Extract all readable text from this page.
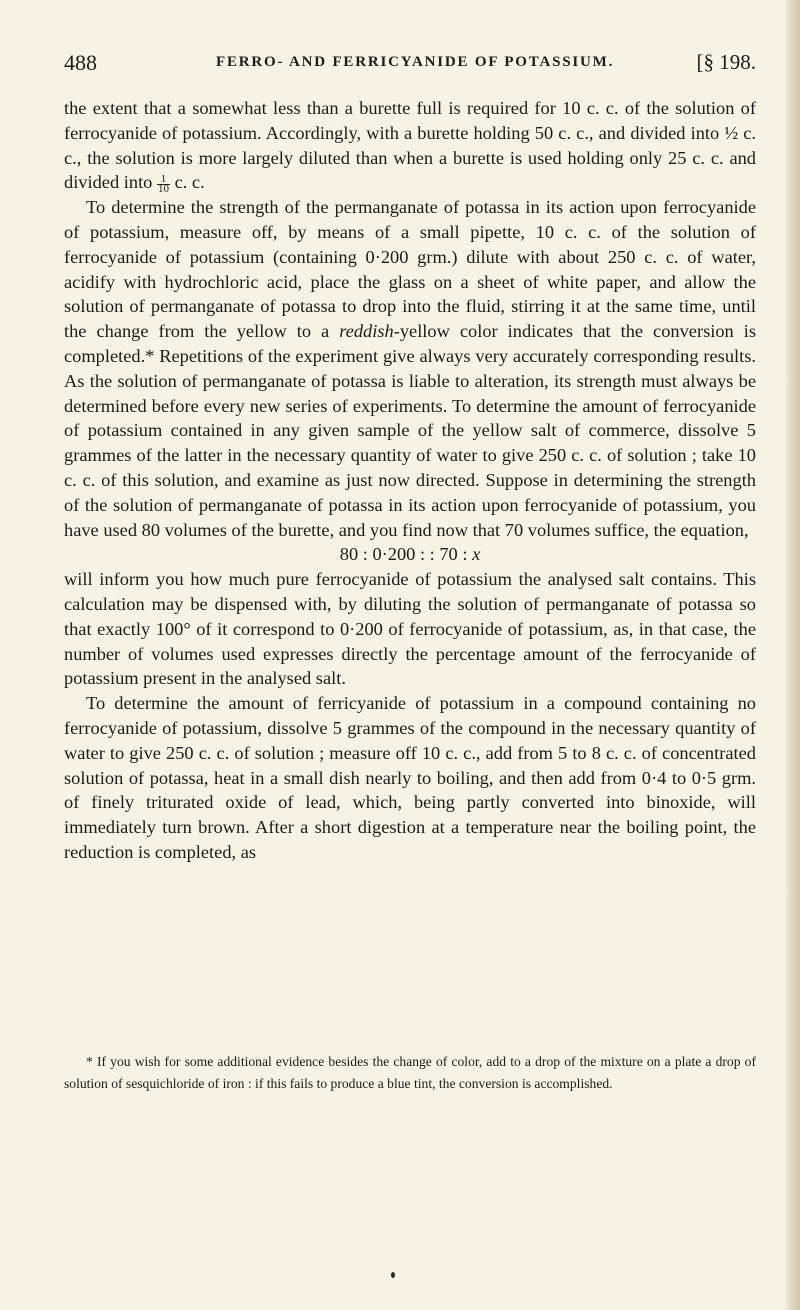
488	FERRO- AND FERRICYANIDE OF POTASSIUM.	[§ 198.

the extent that a somewhat less than a burette full is required for 10 c. c. of the solution of ferrocyanide of potassium. Accordingly, with a burette holding 50 c. c., and divided into ½ c. c., the solution is more largely diluted than when a burette is used holding only 25 c. c. and divided into $\frac{1}{10} c$. c.

To determine the strength of the permanganate of potassa in its action upon ferrocyanide of potassium, measure off, by means of a small pipette, 10 c. c. of the solution of ferrocyanide of potassium (containing 0·200 grm.) dilute with about 250 c. c. of water, acidify with hydrochloric acid, place the glass on a sheet of white paper, and allow the solution of permanganate of potassa to drop into the fluid, stirring it at the same time, until the change from the yellow to a reddish-yellow color indicates that the conversion is completed.* Repetitions of the experiment give always very accurately corresponding results. As the solution of permanganate of potassa is liable to alteration, its strength must always be determined before every new series of experiments. To determine the amount of ferrocyanide of potassium contained in any given sample of the yellow salt of commerce, dissolve 5 grammes of the latter in the necessary quantity of water to give 250 c. c. of solution ; take 10 c. c. of this solution, and examine as just now directed. Suppose in determining the strength of the solution of permanganate of potassa in its action upon ferrocyanide of potassium, you have used 80 volumes of the burette, and you find now that 70 volumes suffice, the equation,

80 : 0·200 : : 70 : x

will inform you how much pure ferrocyanide of potassium the analysed salt contains. This calculation may be dispensed with, by diluting the solution of permanganate of potassa so that exactly 100° of it correspond to 0·200 of ferrocyanide of potassium, as, in that case, the number of volumes used expresses directly the percentage amount of the ferrocyanide of potassium present in the analysed salt.

To determine the amount of ferricyanide of potassium in a compound containing no ferrocyanide of potassium, dissolve 5 grammes of the compound in the necessary quantity of water to give 250 c. c. of solution ; measure off 10 c. c., add from 5 to 8 c. c. of concentrated solution of potassa, heat in a small dish nearly to boiling, and then add from 0·4 to 0·5 grm. of finely triturated oxide of lead, which, being partly converted into binoxide, will immediately turn brown. After a short digestion at a temperature near the boiling point, the reduction is completed, as

* If you wish for some additional evidence besides the change of color, add to a drop of the mixture on a plate a drop of solution of sesquichloride of iron : if this fails to produce a blue tint, the conversion is accomplished.
